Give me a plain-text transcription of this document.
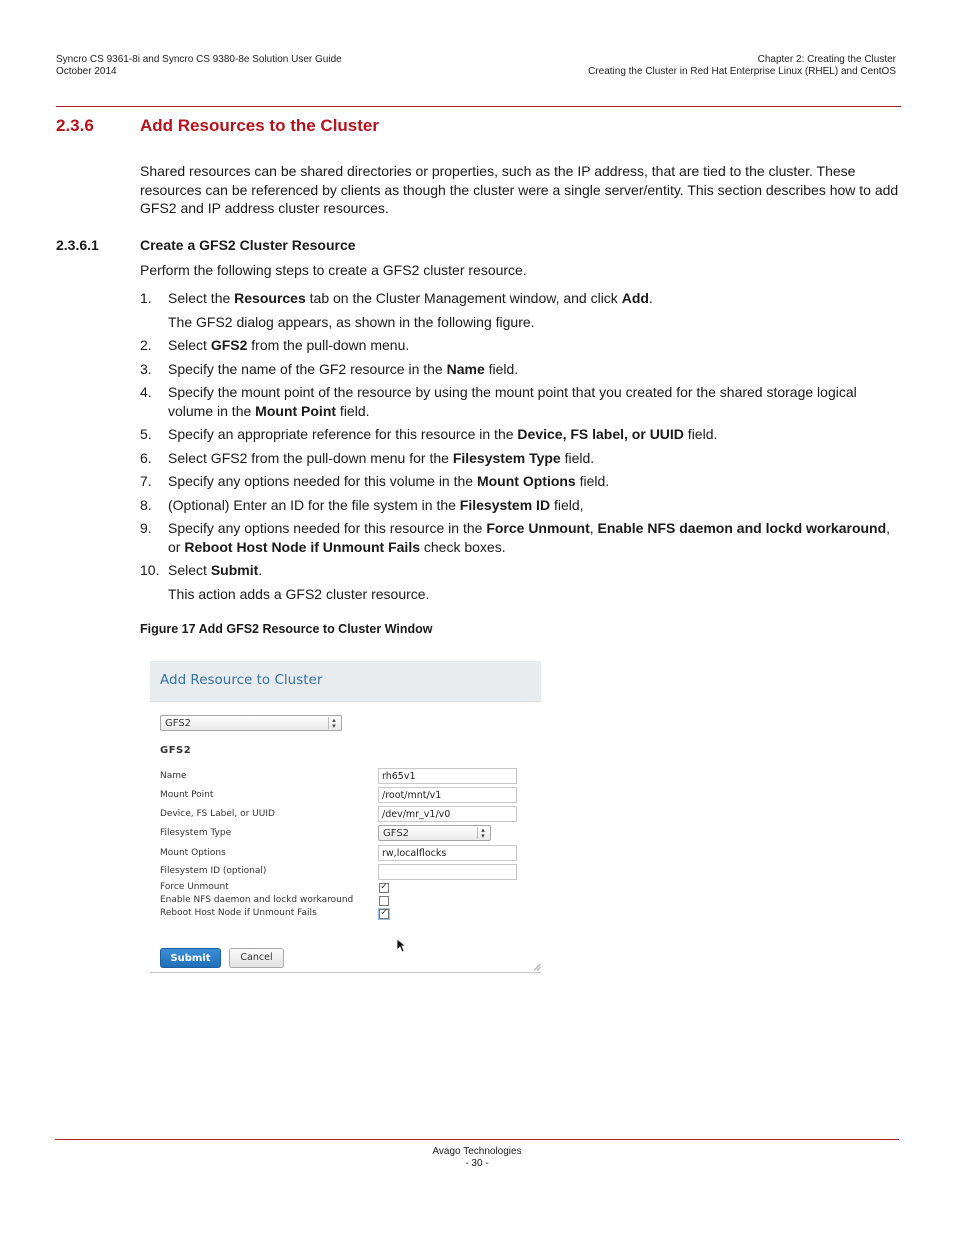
Syncro CS 9361-8i and Syncro CS 9380-8e Solution User Guide
October 2014
Chapter 2: Creating the Cluster
Creating the Cluster in Red Hat Enterprise Linux (RHEL) and CentOS
2.3.6	Add Resources to the Cluster
Shared resources can be shared directories or properties, such as the IP address, that are tied to the cluster. These resources can be referenced by clients as though the cluster were a single server/entity. This section describes how to add GFS2 and IP address cluster resources.
2.3.6.1	Create a GFS2 Cluster Resource
Perform the following steps to create a GFS2 cluster resource.
1. Select the Resources tab on the Cluster Management window, and click Add.
The GFS2 dialog appears, as shown in the following figure.
2. Select GFS2 from the pull-down menu.
3. Specify the name of the GF2 resource in the Name field.
4. Specify the mount point of the resource by using the mount point that you created for the shared storage logical volume in the Mount Point field.
5. Specify an appropriate reference for this resource in the Device, FS label, or UUID field.
6. Select GFS2 from the pull-down menu for the Filesystem Type field.
7. Specify any options needed for this volume in the Mount Options field.
8. (Optional) Enter an ID for the file system in the Filesystem ID field,
9. Specify any options needed for this resource in the Force Unmount, Enable NFS daemon and lockd workaround, or Reboot Host Node if Unmount Fails check boxes.
10. Select Submit.
This action adds a GFS2 cluster resource.
Figure 17 Add GFS2 Resource to Cluster Window
Add Resource to Cluster
GFS2	▴
▾
GFS2
Name	rh65v1
Mount Point	/root/mnt/v1
Device, FS Label, or UUID	/dev/mr_v1/v0
Filesystem Type	GFS2	▴
▾
Mount Options	rw,localflocks
Filesystem ID (optional)
Force Unmount	✓
Enable NFS daemon and lockd workaround
Reboot Host Node if Unmount Fails	✓
Submit	Cancel
Avago Technologies
- 30 -
